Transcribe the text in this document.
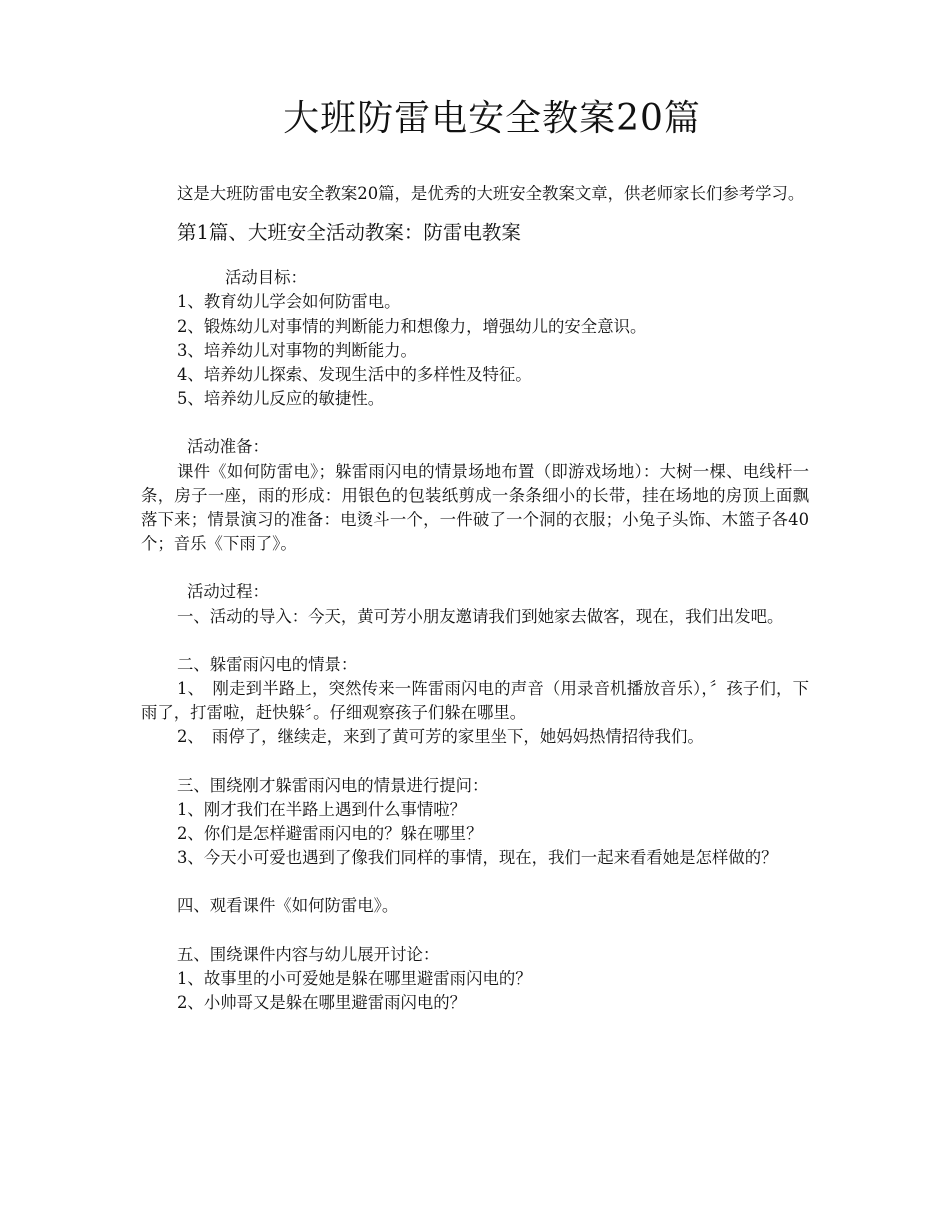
大班防雷电安全教案20篇

这是大班防雷电安全教案20篇，是优秀的大班安全教案文章，供老师家长们参考学习。

第1篇、大班安全活动教案：防雷电教案

活动目标：

1、教育幼儿学会如何防雷电。

2、锻炼幼儿对事情的判断能力和想像力，增强幼儿的安全意识。

3、培养幼儿对事物的判断能力。

4、培养幼儿探索、发现生活中的多样性及特征。

5、培养幼儿反应的敏捷性。

活动准备：

课件《如何防雷电》；躲雷雨闪电的情景场地布置（即游戏场地）：大树一棵、电线杆一条，房子一座，雨的形成：用银色的包装纸剪成一条条细小的长带，挂在场地的房顶上面飘落下来；情景演习的准备：电烫斗一个，一件破了一个洞的衣服；小兔子头饰、木篮子各40个；音乐《下雨了》。

活动过程：

一、活动的导入：今天，黄可芳小朋友邀请我们到她家去做客，现在，我们出发吧。

二、躲雷雨闪电的情景：

1、　刚走到半路上，突然传来一阵雷雨闪电的声音（用录音机播放音乐），〞孩子们，下雨了，打雷啦，赶快躲〞。仔细观察孩子们躲在哪里。

2、　雨停了，继续走，来到了黄可芳的家里坐下，她妈妈热情招待我们。

三、围绕刚才躲雷雨闪电的情景进行提问：

1、刚才我们在半路上遇到什么事情啦？

2、你们是怎样避雷雨闪电的？躲在哪里？

3、今天小可爱也遇到了像我们同样的事情，现在，我们一起来看看她是怎样做的？

四、观看课件《如何防雷电》。

五、围绕课件内容与幼儿展开讨论：

1、故事里的小可爱她是躲在哪里避雷雨闪电的？

2、小帅哥又是躲在哪里避雷雨闪电的？
